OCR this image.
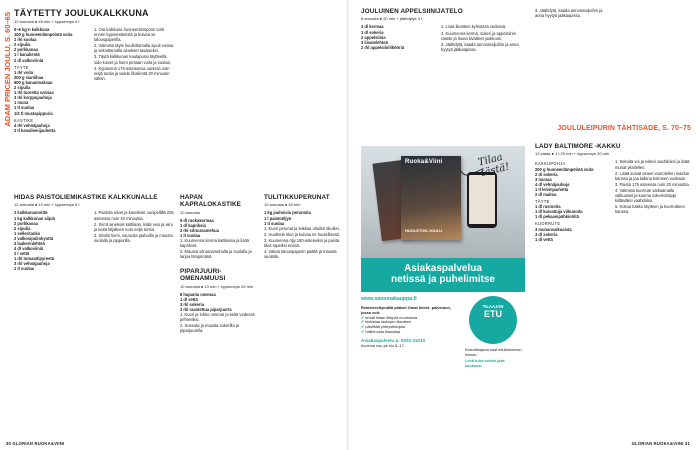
ADAM PRICEN JOULU, S. 60–65 TÄYTETTY JOULUKALKKUNA
12 annosta ● 45 min + kypsennys 4 t
5–6 kg:n kalkkuna
100 g huoneenlämpöistä voita
1 rkl suolaa
2 sipulia
2 porkkanaa
1 l kanalientä
2 dl valkoviiniä
TÄYTE
1 rkl voita
200 g sianlihaa
500 g kananmaksaa
2 sipulia
1 rkl tuoretta salviaa
3 rkl korppujauhoja
1 muna
1 tl suolaa
1/2 tl mustapippuria
KASTIKE
4 rkl vehnäjauhoja
2 tl kanaliemijauhetta
1. Ota kalkkuna huoneenlämpöön tunti ennen kypsentämistä ja kuivaa se talouspaperilla.
2. Valmista täyte kuullottamalla sipuli voissa ja sekoittamalla ainekset tasaiseksi.
3. Täytä kalkkunan kaulapussi täytteellä, sido koivet ja hiero pintaan voita ja suolaa.
4. Kypsennä 175-asteisessa uunissa noin neljä tuntia ja valele lihalientä 30 minuutin välein.
HIDAS PAISTOLIEMIKASTIKE KALKKUNALLE
12 annosta ● 10 min + kypsennys 5 t
2 kalkkunanreittä
1 kg kalkkunan siipiä
2 porkkanaa
2 sipulia
1 selleritanko
2 valkosipulinkynttä
2 laakerinlehteä
4 dl valkoviiniä
2 l vettä
1 rkl tomaattipyreetä
3 rkl vehnäjauhoja
1 tl suolaa
1. Paahda siivet ja kasvikset uunipellillä 225 asteessa noin 40 minuuttia.
2. Siirrä ainekset kattilaan, lisää vesi ja viini ja keitä hiljalleen noin neljä tuntia.
3. Siivilöi liemi, suurusta jauhoilla ja mausta suolalla ja pippurilla.
HAPAN KAPRALOKASTIKE
10 annosta
5 dl ruokakermaa
1 dl kapriksia
2 rkl sitruunamehua
1 tl suolaa
1. Kuumenna kerma kattilassa ja lisää kaprikset.
2. Mausta sitruunamehulla ja suolalla ja tarjoa lämpimänä.
PIPARJUURI-OMENAMUUSI
10 annosta ● 10 min + kypsennys 20 min
8 hapanta omenaa
1 dl vettä
3 rkl sokeria
2 rkl raastettua piparjuurta
1. Kuori ja lohko omenat ja keitä vedessä pehmeiksi.
2. Soseuta ja mausta sokerilla ja piparjuurella.
TULITIKKUPERUNAT
10 annosta ● 40 min
1 kg jauhoisia perunoita
1 l paistoöljyä
1 tl suolaa
1. Kuori perunat ja leikkaa ohuiksi tikuiksi.
2. Huuhtele tikut ja kuivaa ne huolellisesti.
3. Kuumenna öljy 180-asteiseksi ja paista tikut rapeiksi erissä.
4. Valuta talouspaperin päällä ja mausta suolalla.
30 GLORIAN RUOKA&VIINI
JOULUINEN APPELSIINIJÄTELÖ
8 annosta ● 20 min + jäähdytys 3 t
3 dl kermaa
1 dl sokeria
2 appelsiinia
3 liivatelehteä
2 rkl appelsiinilikööriä
1. Liota liivatteet kylmässä vedessä.
2. Kuumenna kerma, sokeri ja appelsiinin raaste ja liuota liivatteet joukkoon.
3. Jäähdytä, kaada annosmaljoihin ja anna hyytyä jääkaapissa.
Ruoka&Viini
HUOLETON JOULU
Tilaa tästä!
Asiakaspalvelua
netissä ja puhelimitse
www.sanomakauppa.fi
Rekisteröitymällä pääset Omat tiedot -palveluun, jossa voit:
✔ tehdä tilaan liittyviä muutoksia
✔ tarkistaa laskujen tilanteen
✔ päivittää yhteystietojasi
✔ hallinnoida tilaustasi
Asiakaspalvelu p. 0203 31010
Avoinna ma–pe klo 8–17.
TILAAJAN
ETU
Kestotilaajana saat edullisemman hinnan.
Lehti tulee kotiisi joka kuukausi.
3. Jäähdytä, kaada annosmaljoihin ja anna hyytyä jääkaapissa.
JOULULEIPURIN TÄHTISADE, S. 70–75
LADY BALTIMORE -KAKKU
12 palaa ● 1 t 20 min + kypsennys 20 min
KAKKUPOHJA
200 g huoneenlämpöistä voita
2 dl sokeria
3 munaa
4 dl vehnäjauhoja
1 tl leivinjauhetta
2 dl maitoa
TÄYTE
1 dl rusinoita
1 dl kuivattuja viikunoita
1 dl pekaanipähkinöitä
KUORRUTE
3 munanvalkuaista
3 dl sokeria
1 dl vettä
1. Sekoita voi ja sokeri vaahdoksi ja lisää munat yksitellen.
2. Lisää kuivat aineet vuorotellen maidon kanssa ja jaa taikina kolmeen vuokaan.
3. Paista 175 asteessa noin 20 minuuttia.
4. Valmista kuorrute vatkaamalla valkuaiset ja kuuma sokerisiirappi kiiltäväksi vaahdoksi.
5. Kokoa kakku täytteen ja kuorrutteen kanssa.
GLORIAN RUOKA&VIINI 31
